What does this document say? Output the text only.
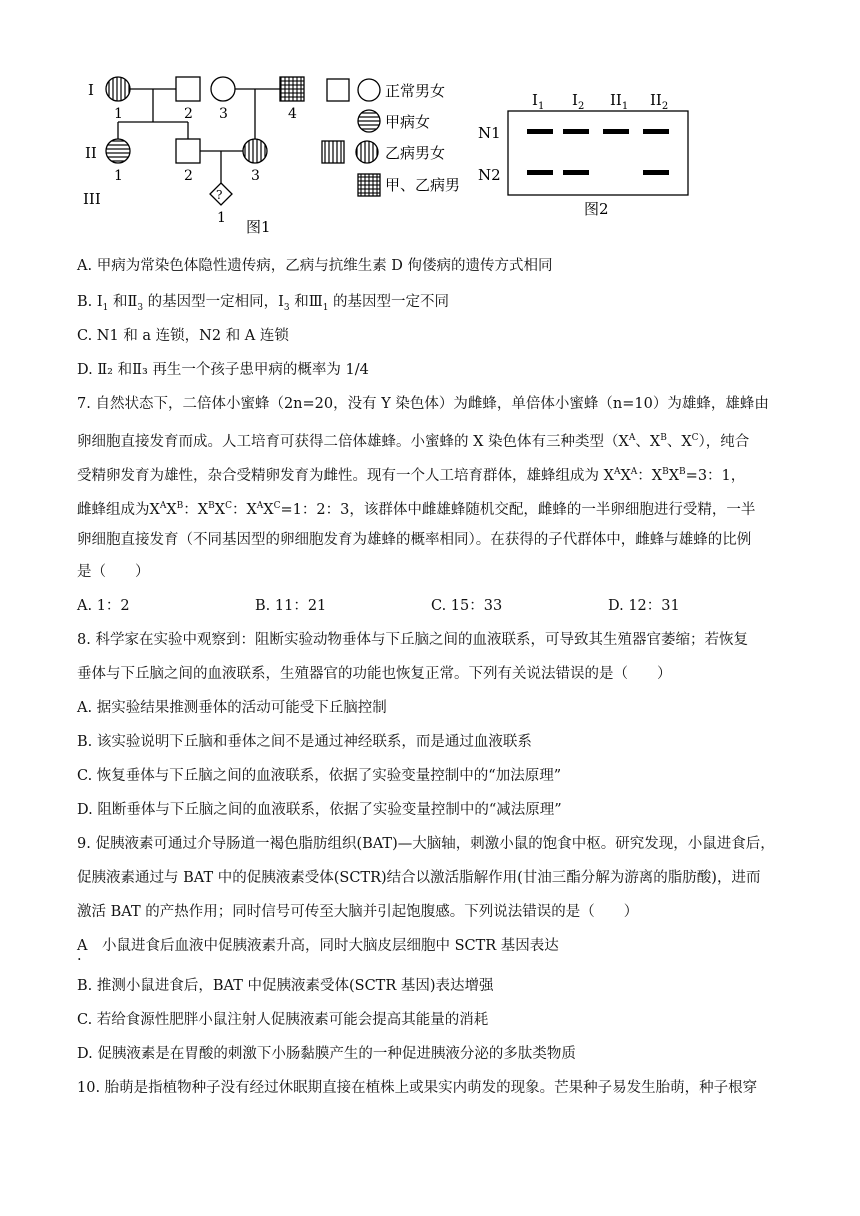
I
II
III	?
1	2 3	4
1	2	3
1 图1
正常男女
甲病女
乙病男女
甲、乙病男
$I_1$ $I_2$ $II_1$ $II_2$
N1
N2
图2
A. 甲病为常染色体隐性遗传病，乙病与抗维生素 D 佝偻病的遗传方式相同
B. $I_1$ 和$Ⅱ_3$ 的基因型一定相同，$I_3$ 和$Ⅲ_1$ 的基因型一定不同
C. N1 和 a 连锁，N2 和 A 连锁
D. Ⅱ₂ 和Ⅱ₃ 再生一个孩子患甲病的概率为 1/4
7. 自然状态下，二倍体小蜜蜂（2n=20，没有 Y 染色体）为雌蜂，单倍体小蜜蜂（n=10）为雄蜂，雄蜂由
卵细胞直接发育而成。人工培育可获得二倍体雄蜂。小蜜蜂的 X 染色体有三种类型（$X^A$、$X^B$、$X^C$），纯合
受精卵发育为雄性，杂合受精卵发育为雌性。现有一个人工培育群体，雄蜂组成为 $X^AX^A$：$X^BX^B=3$：1，
雌蜂组成为$X^AX^B$：$X^BX^C$：$X^AX^C=1$：2：3，该群体中雌雄蜂随机交配，雌蜂的一半卵细胞进行受精，一半
卵细胞直接发育（不同基因型的卵细胞发育为雄蜂的概率相同）。在获得的子代群体中，雌蜂与雄蜂的比例
是（　　）
A. 1：2	B. 11：21	C. 15：33	D. 12：31
8. 科学家在实验中观察到：阻断实验动物垂体与下丘脑之间的血液联系，可导致其生殖器官萎缩；若恢复
垂体与下丘脑之间的血液联系，生殖器官的功能也恢复正常。下列有关说法错误的是（　　）
A. 据实验结果推测垂体的活动可能受下丘脑控制
B. 该实验说明下丘脑和垂体之间不是通过神经联系，而是通过血液联系
C. 恢复垂体与下丘脑之间的血液联系，依据了实验变量控制中的“加法原理”
D. 阻断垂体与下丘脑之间的血液联系，依据了实验变量控制中的“减法原理”
9. 促胰液素可通过介导肠道一褐色脂肪组织(BAT)—大脑轴，刺激小鼠的饱食中枢。研究发现，小鼠进食后，
促胰液素通过与 BAT 中的促胰液素受体(SCTR)结合以激活脂解作用(甘油三酯分解为游离的脂肪酸)，进而
激活 BAT 的产热作用；同时信号可传至大脑并引起饱腹感。下列说法错误的是（　　）
A　小鼠进食后血液中促胰液素升高，同时大脑皮层细胞中 SCTR 基因表达
·
B. 推测小鼠进食后，BAT 中促胰液素受体(SCTR 基因)表达增强
C. 若给食源性肥胖小鼠注射人促胰液素可能会提高其能量的消耗
D. 促胰液素是在胃酸的刺激下小肠黏膜产生的一种促进胰液分泌的多肽类物质
10. 胎萌是指植物种子没有经过休眠期直接在植株上或果实内萌发的现象。芒果种子易发生胎萌，种子根穿
